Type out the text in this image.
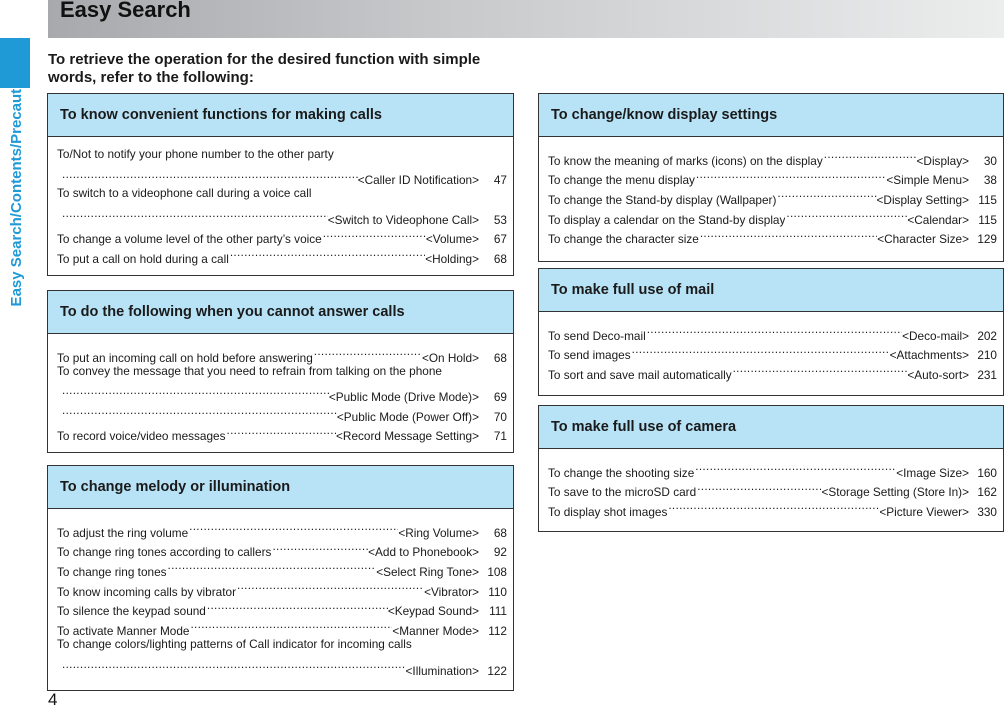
Easy Search
Easy Search/Contents/Precautions	To retrieve the operation for the desired function with simple words, refer to the following:
To know convenient functions for making calls
To/Not to notify your phone number to the other party
.....
<Caller ID Notification>	47
To switch to a videophone call during a voice call
.....
<Switch to Videophone Call>	53
To change a volume level of the other party’s voice .....	<Volume>	67
To put a call on hold during a call .....	<Holding>	68
To do the following when you cannot answer calls
To put an incoming call on hold before answering .....	<On Hold>	68
To convey the message that you need to refrain from talking on the phone
.....
<Public Mode (Drive Mode)>	69
.....
<Public Mode (Power Off)>	70
To record voice/video messages .....	<Record Message Setting>	71
To change melody or illumination
To adjust the ring volume .....	<Ring Volume>	68
To change ring tones according to callers .....	<Add to Phonebook>	92
To change ring tones .....	<Select Ring Tone> 108
To know incoming calls by vibrator .....	<Vibrator> 110
To silence the keypad sound .....	<Keypad Sound> 111
To activate Manner Mode .....	<Manner Mode> 112
To change colors/lighting patterns of Call indicator for incoming calls
.....
<Illumination> 122
To change/know display settings
To know the meaning of marks (icons) on the display .....	<Display>	30
To change the menu display .....	<Simple Menu>	38
To change the Stand-by display (Wallpaper) .....	<Display Setting> 115
To display a calendar on the Stand-by display .....	<Calendar> 115
To change the character size .....	<Character Size> 129
To make full use of mail
To send Deco-mail .....	<Deco-mail> 202
To send images .....	<Attachments> 210
To sort and save mail automatically .....	<Auto-sort> 231
To make full use of camera
To change the shooting size .....	<Image Size> 160
To save to the microSD card .....	<Storage Setting (Store In)> 162
To display shot images .....	<Picture Viewer> 330
4
